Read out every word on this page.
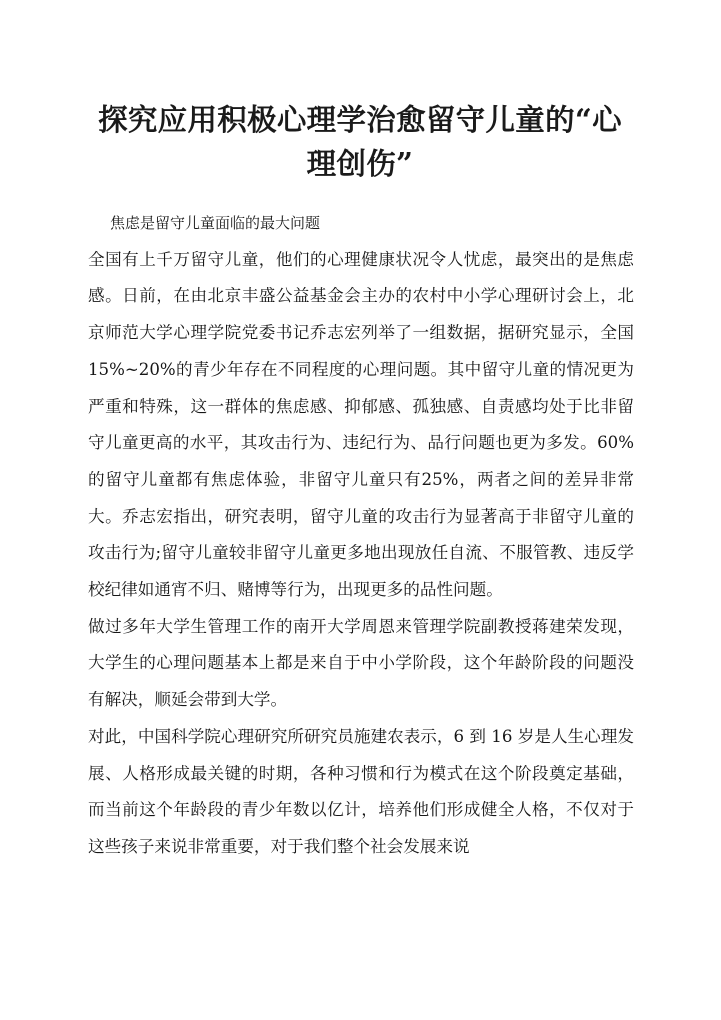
探究应用积极心理学治愈留守儿童的“心理创伤”
焦虑是留守儿童面临的最大问题

全国有上千万留守儿童，他们的心理健康状况令人忧虑，最突出的是焦虑感。日前，在由北京丰盛公益基金会主办的农村中小学心理研讨会上，北京师范大学心理学院党委书记乔志宏列举了一组数据，据研究显示，全国 15%~20%的青少年存在不同程度的心理问题。其中留守儿童的情况更为严重和特殊，这一群体的焦虑感、抑郁感、孤独感、自责感均处于比非留守儿童更高的水平，其攻击行为、违纪行为、品行问题也更为多发。60%的留守儿童都有焦虑体验，非留守儿童只有25%，两者之间的差异非常大。乔志宏指出，研究表明，留守儿童的攻击行为显著高于非留守儿童的攻击行为;留守儿童较非留守儿童更多地出现放任自流、不服管教、违反学校纪律如通宵不归、赌博等行为，出现更多的品性问题。

做过多年大学生管理工作的南开大学周恩来管理学院副教授蒋建荣发现，大学生的心理问题基本上都是来自于中小学阶段，这个年龄阶段的问题没有解决，顺延会带到大学。

对此，中国科学院心理研究所研究员施建农表示，6 到 16 岁是人生心理发展、人格形成最关键的时期，各种习惯和行为模式在这个阶段奠定基础，而当前这个年龄段的青少年数以亿计，培养他们形成健全人格，不仅对于这些孩子来说非常重要，对于我们整个社会发展来说
